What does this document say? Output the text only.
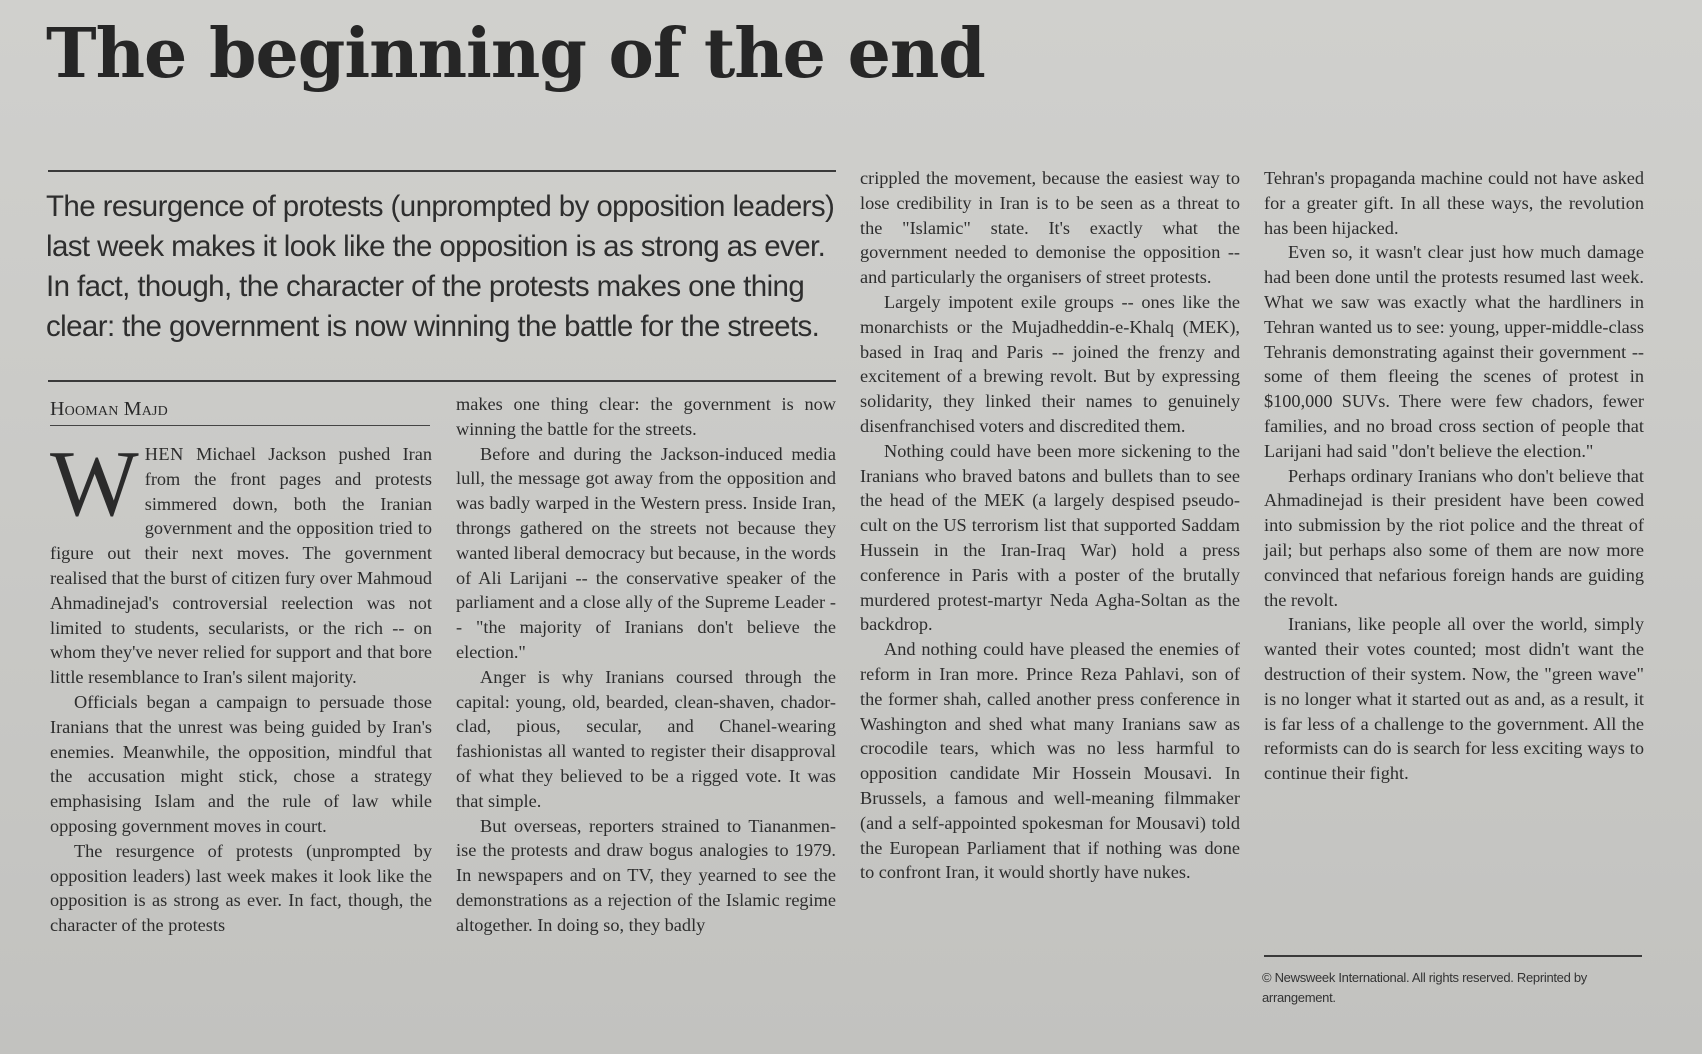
The beginning of the end
The resurgence of protests (unprompted by opposition leaders) last week makes it look like the opposition is as strong as ever. In fact, though, the character of the protests makes one thing clear: the government is now winning the battle for the streets.
Hooman Majd

WHEN Michael Jackson pushed Iran from the front pages and protests simmered down, both the Iranian government and the opposition tried to figure out their next moves. The government realised that the burst of citizen fury over Mahmoud Ahmadinejad's controversial reelection was not limited to students, secularists, or the rich -- on whom they've never relied for support and that bore little resemblance to Iran's silent majority.

Officials began a campaign to persuade those Iranians that the unrest was being guided by Iran's enemies. Meanwhile, the opposition, mindful that the accusation might stick, chose a strategy emphasising Islam and the rule of law while opposing government moves in court.

The resurgence of protests (unprompted by opposition leaders) last week makes it look like the opposition is as strong as ever. In fact, though, the character of the protests

makes one thing clear: the government is now winning the battle for the streets.

Before and during the Jackson-induced media lull, the message got away from the opposition and was badly warped in the Western press. Inside Iran, throngs gathered on the streets not because they wanted liberal democracy but because, in the words of Ali Larijani -- the conservative speaker of the parliament and a close ally of the Supreme Leader -- "the majority of Iranians don't believe the election."

Anger is why Iranians coursed through the capital: young, old, bearded, clean-shaven, chador-clad, pious, secular, and Chanel-wearing fashionistas all wanted to register their disapproval of what they believed to be a rigged vote. It was that simple.

But overseas, reporters strained to Tiananmen-ise the protests and draw bogus analogies to 1979. In newspapers and on TV, they yearned to see the demonstrations as a rejection of the Islamic regime altogether. In doing so, they badly

crippled the movement, because the easiest way to lose credibility in Iran is to be seen as a threat to the "Islamic" state. It's exactly what the government needed to demonise the opposition -- and particularly the organisers of street protests.

Largely impotent exile groups -- ones like the monarchists or the Mujadheddin-e-Khalq (MEK), based in Iraq and Paris -- joined the frenzy and excitement of a brewing revolt. But by expressing solidarity, they linked their names to genuinely disenfranchised voters and discredited them.

Nothing could have been more sickening to the Iranians who braved batons and bullets than to see the head of the MEK (a largely despised pseudo-cult on the US terrorism list that supported Saddam Hussein in the Iran-Iraq War) hold a press conference in Paris with a poster of the brutally murdered protest-martyr Neda Agha-Soltan as the backdrop.

And nothing could have pleased the enemies of reform in Iran more. Prince Reza Pahlavi, son of the former shah, called another press conference in Washington and shed what many Iranians saw as crocodile tears, which was no less harmful to opposition candidate Mir Hossein Mousavi. In Brussels, a famous and well-meaning filmmaker (and a self-appointed spokesman for Mousavi) told the European Parliament that if nothing was done to confront Iran, it would shortly have nukes.

Tehran's propaganda machine could not have asked for a greater gift. In all these ways, the revolution has been hijacked.

Even so, it wasn't clear just how much damage had been done until the protests resumed last week. What we saw was exactly what the hardliners in Tehran wanted us to see: young, upper-middle-class Tehranis demonstrating against their government -- some of them fleeing the scenes of protest in $100,000 SUVs. There were few chadors, fewer families, and no broad cross section of people that Larijani had said "don't believe the election."

Perhaps ordinary Iranians who don't believe that Ahmadinejad is their president have been cowed into submission by the riot police and the threat of jail; but perhaps also some of them are now more convinced that nefarious foreign hands are guiding the revolt.

Iranians, like people all over the world, simply wanted their votes counted; most didn't want the destruction of their system. Now, the "green wave" is no longer what it started out as and, as a result, it is far less of a challenge to the government. All the reformists can do is search for less exciting ways to continue their fight.

© Newsweek International. All rights reserved. Reprinted by arrangement.
